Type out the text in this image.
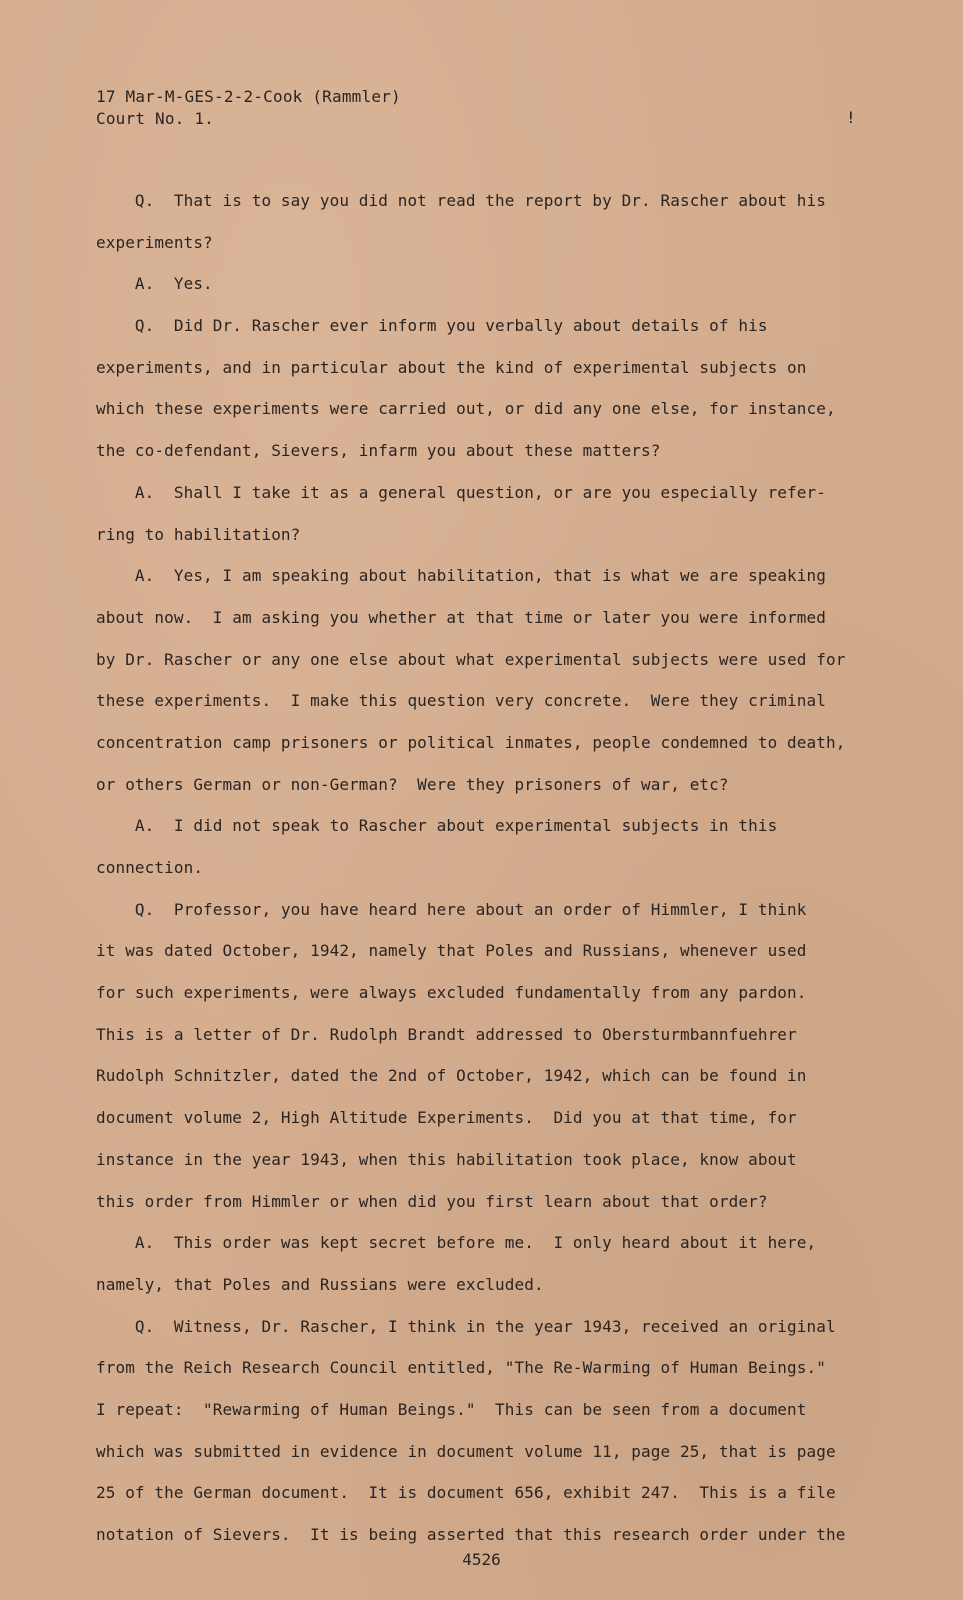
17 Mar-M-GES-2-2-Cook (Rammler)
Court No. 1.	!
Q.  That is to say you did not read the report by Dr. Rascher about his
experiments?
A.  Yes.
Q.  Did Dr. Rascher ever inform you verbally about details of his
experiments, and in particular about the kind of experimental subjects on
which these experiments were carried out, or did any one else, for instance,
the co-defendant, Sievers, infarm you about these matters?
A.  Shall I take it as a general question, or are you especially refer-
ring to habilitation?
A.  Yes, I am speaking about habilitation, that is what we are speaking
about now.  I am asking you whether at that time or later you were informed
by Dr. Rascher or any one else about what experimental subjects were used for
these experiments.  I make this question very concrete.  Were they criminal
concentration camp prisoners or political inmates, people condemned to death,
or others German or non-German?  Were they prisoners of war, etc?
A.  I did not speak to Rascher about experimental subjects in this
connection.
Q.  Professor, you have heard here about an order of Himmler, I think
it was dated October, 1942, namely that Poles and Russians, whenever used
for such experiments, were always excluded fundamentally from any pardon.
This is a letter of Dr. Rudolph Brandt addressed to Obersturmbannfuehrer
Rudolph Schnitzler, dated the 2nd of October, 1942, which can be found in
document volume 2, High Altitude Experiments.  Did you at that time, for
instance in the year 1943, when this habilitation took place, know about
this order from Himmler or when did you first learn about that order?
A.  This order was kept secret before me.  I only heard about it here,
namely, that Poles and Russians were excluded.
Q.  Witness, Dr. Rascher, I think in the year 1943, received an original
from the Reich Research Council entitled, "The Re-Warming of Human Beings."
I repeat:  "Rewarming of Human Beings."  This can be seen from a document
which was submitted in evidence in document volume 11, page 25, that is page
25 of the German document.  It is document 656, exhibit 247.  This is a file
notation of Sievers.  It is being asserted that this research order under the
4526
